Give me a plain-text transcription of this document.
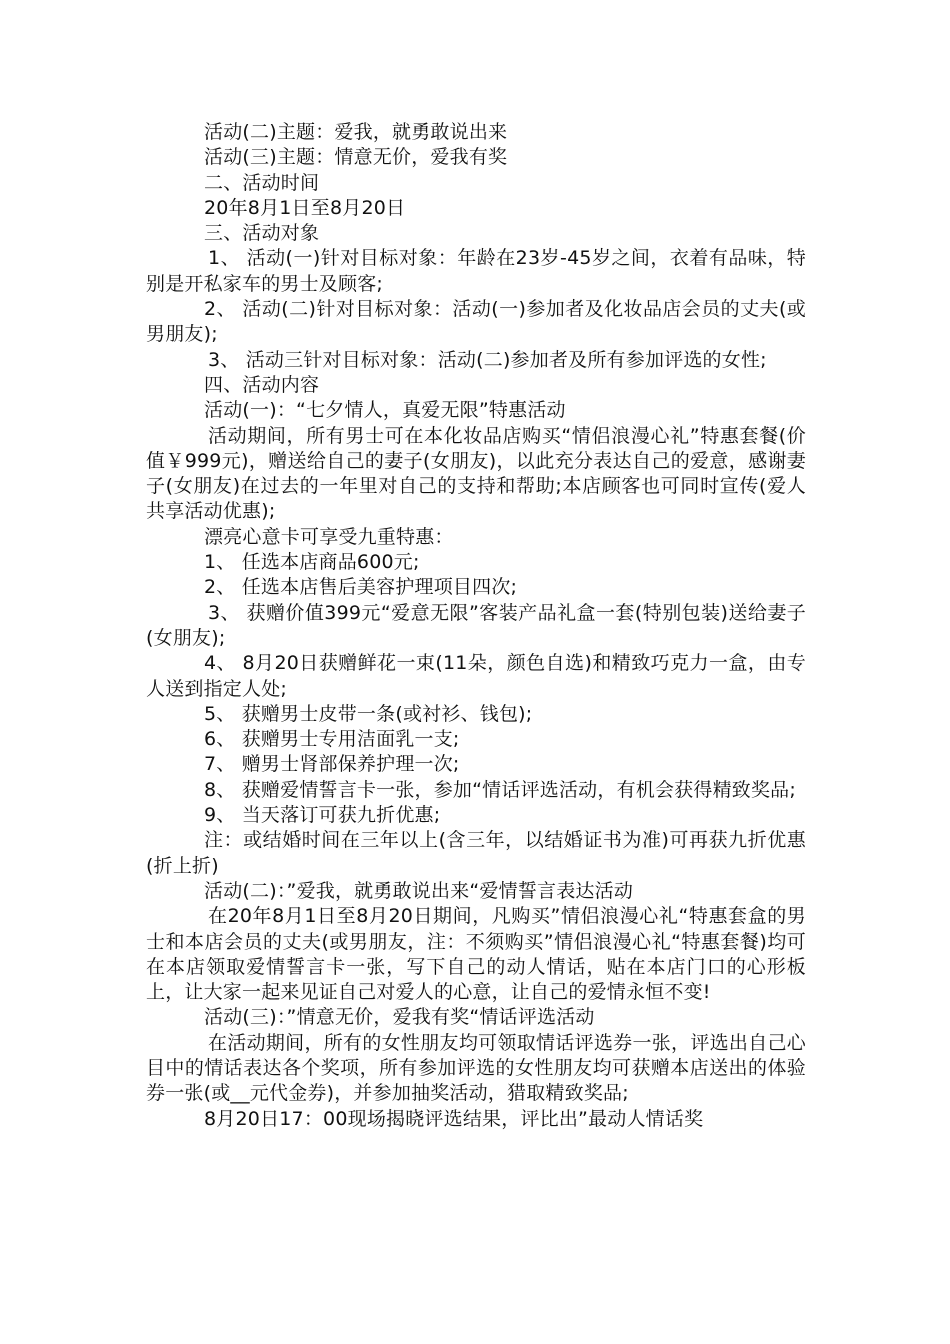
活动(二)主题：爱我，就勇敢说出来

活动(三)主题：情意无价，爱我有奖

二、活动时间

20年8月1日至8月20日

三、活动对象

1、 活动(一)针对目标对象：年龄在23岁-45岁之间，衣着有品味，特别是开私家车的男士及顾客;

2、 活动(二)针对目标对象：活动(一)参加者及化妆品店会员的丈夫(或男朋友);

3、 活动三针对目标对象：活动(二)参加者及所有参加评选的女性;

四、活动内容

活动(一)：“七夕情人，真爱无限”特惠活动

活动期间，所有男士可在本化妆品店购买“情侣浪漫心礼”特惠套餐(价值￥999元)，赠送给自己的妻子(女朋友)，以此充分表达自己的爱意，感谢妻子(女朋友)在过去的一年里对自己的支持和帮助;本店顾客也可同时宣传(爱人共享活动优惠);

漂亮心意卡可享受九重特惠：

1、 任选本店商品600元;

2、 任选本店售后美容护理项目四次;

3、 获赠价值399元“爱意无限”客装产品礼盒一套(特别包装)送给妻子(女朋友);

4、 8月20日获赠鲜花一束(11朵，颜色自选)和精致巧克力一盒，由专人送到指定人处;

5、 获赠男士皮带一条(或衬衫、钱包);

6、 获赠男士专用洁面乳一支;

7、 赠男士肾部保养护理一次;

8、 获赠爱情誓言卡一张，参加“情话评选活动，有机会获得精致奖品;

9、 当天落订可获九折优惠;

注：或结婚时间在三年以上(含三年，以结婚证书为准)可再获九折优惠(折上折)

活动(二)：”爱我，就勇敢说出来“爱情誓言表达活动

在20年8月1日至8月20日期间，凡购买”情侣浪漫心礼“特惠套盒的男士和本店会员的丈夫(或男朋友，注：不须购买”情侣浪漫心礼“特惠套餐)均可在本店领取爱情誓言卡一张，写下自己的动人情话，贴在本店门口的心形板上，让大家一起来见证自己对爱人的心意，让自己的爱情永恒不变!

活动(三)：”情意无价，爱我有奖“情话评选活动

在活动期间，所有的女性朋友均可领取情话评选券一张，评选出自己心目中的情话表达各个奖项，所有参加评选的女性朋友均可获赠本店送出的体验券一张(或__元代金券)，并参加抽奖活动，猎取精致奖品;

8月20日17：00现场揭晓评选结果，评比出”最动人情话奖
